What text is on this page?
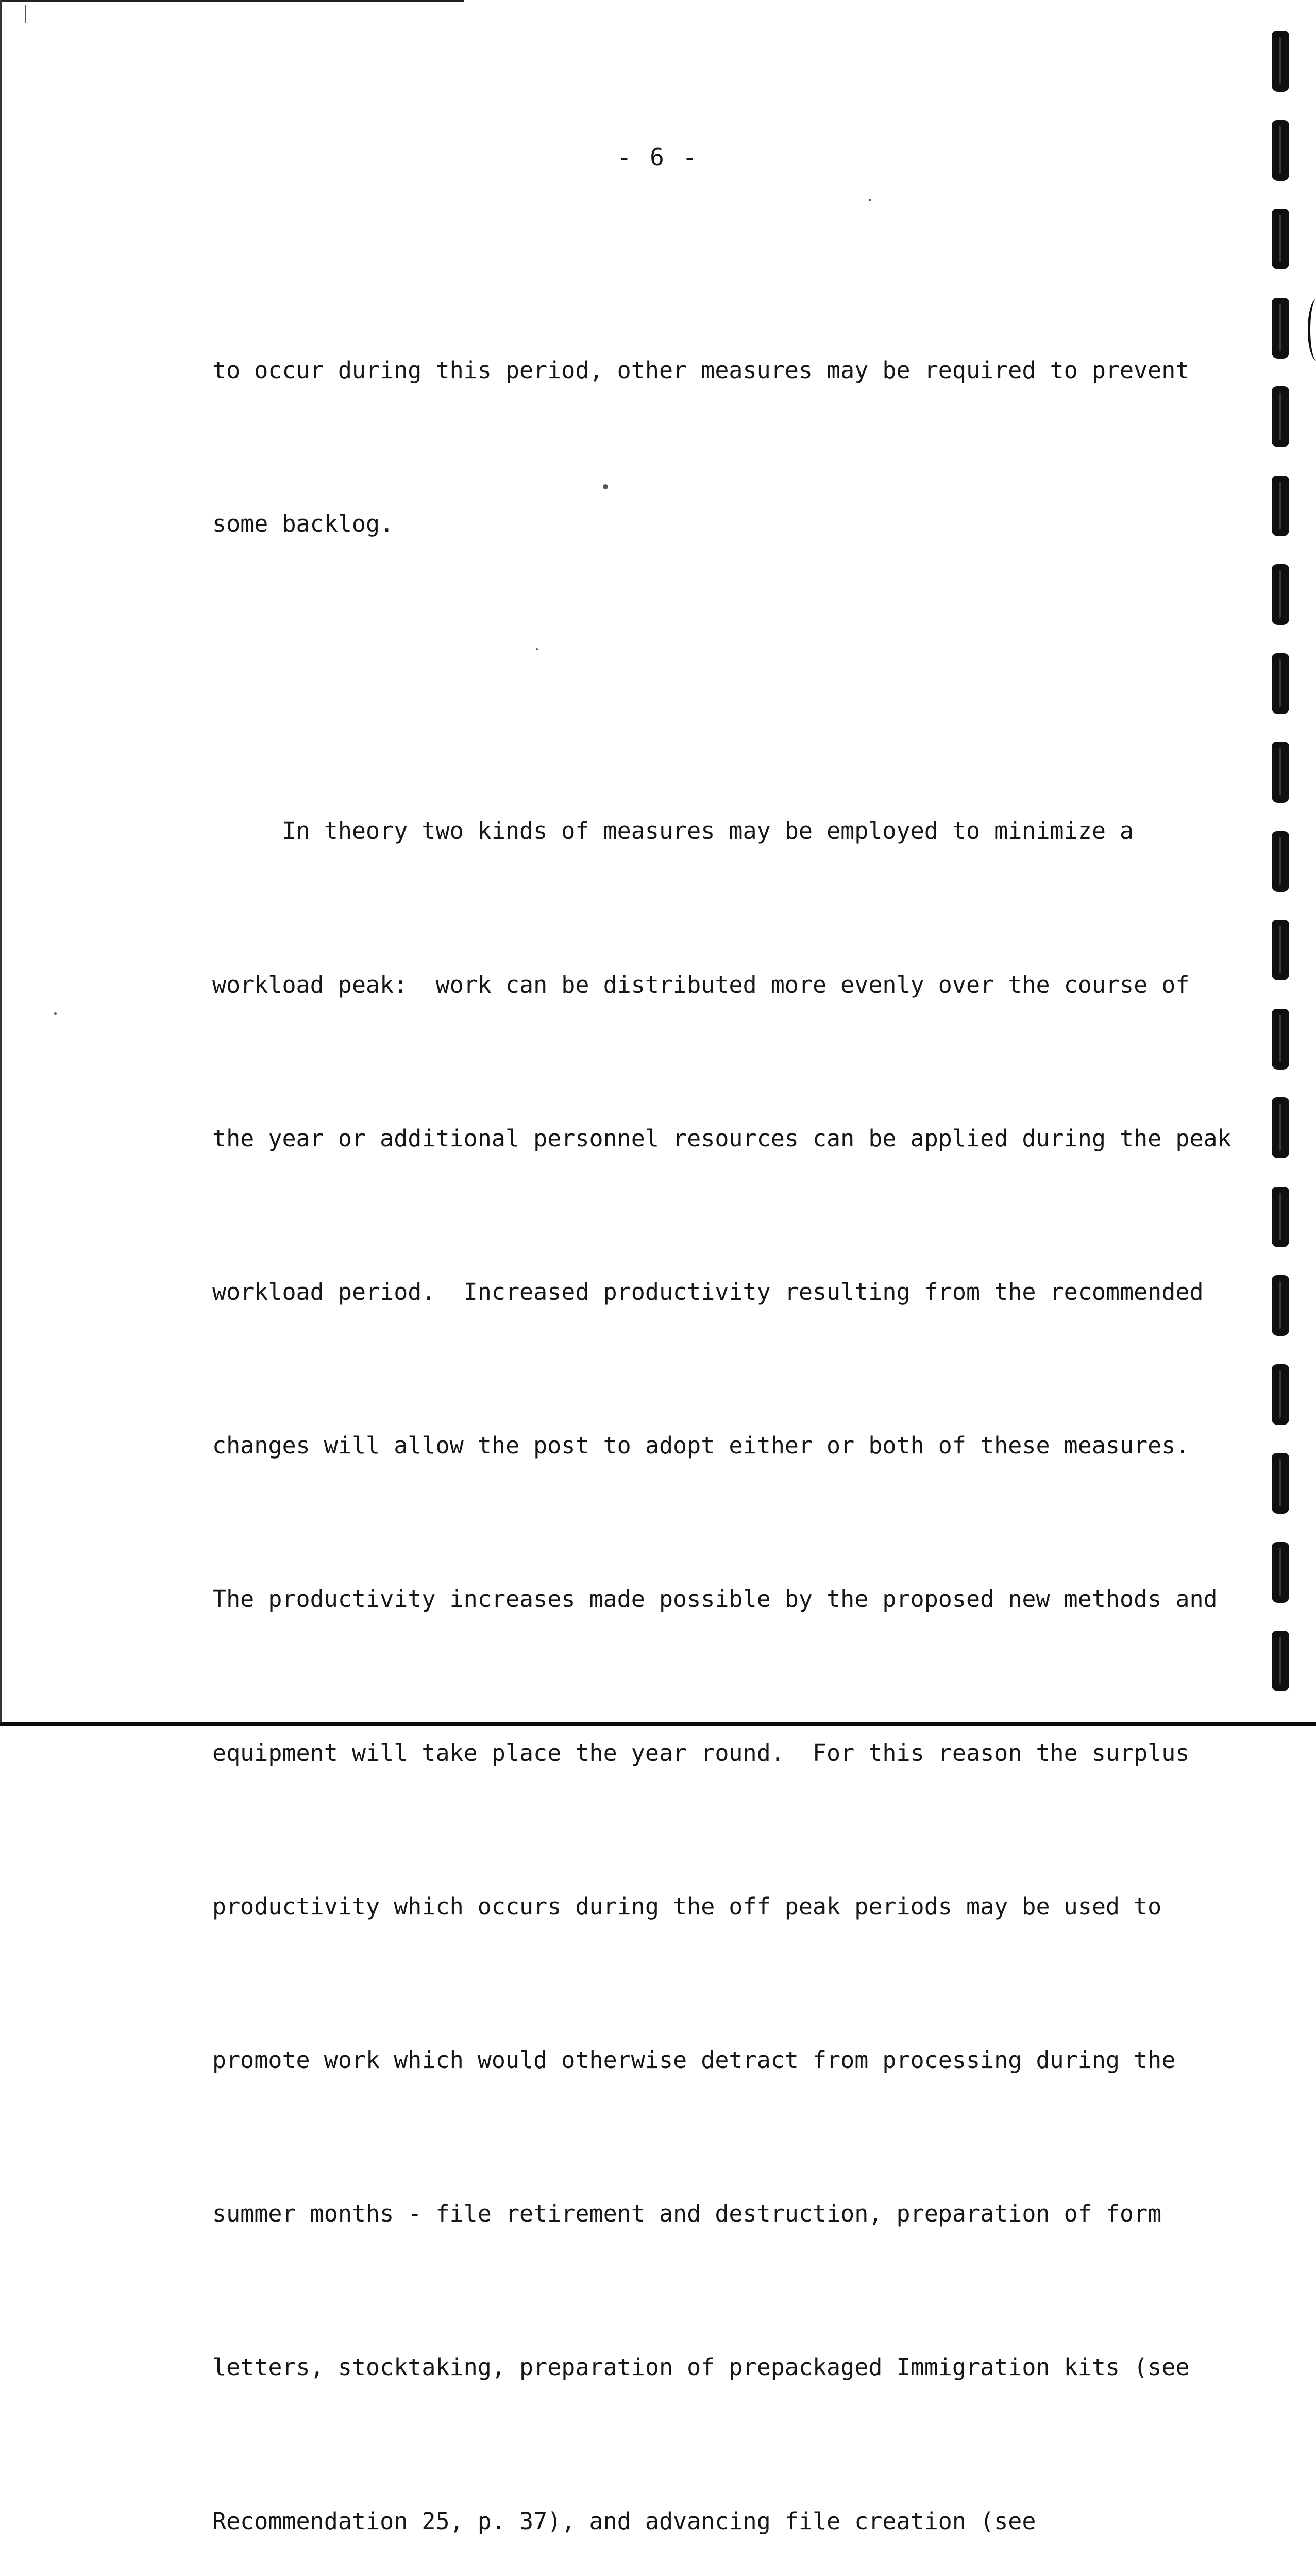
- 6 -

to occur during this period, other measures may be required to prevent

some backlog.

In theory two kinds of measures may be employed to minimize a

workload peak:  work can be distributed more evenly over the course of

the year or additional personnel resources can be applied during the peak

workload period.  Increased productivity resulting from the recommended

changes will allow the post to adopt either or both of these measures.

The productivity increases made possible by the proposed new methods and

equipment will take place the year round.  For this reason the surplus

productivity which occurs during the off peak periods may be used to

promote work which would otherwise detract from processing during the

summer months - file retirement and destruction, preparation of form

letters, stocktaking, preparation of prepackaged Immigration kits (see

Recommendation 25, p. 37), and advancing file creation (see
